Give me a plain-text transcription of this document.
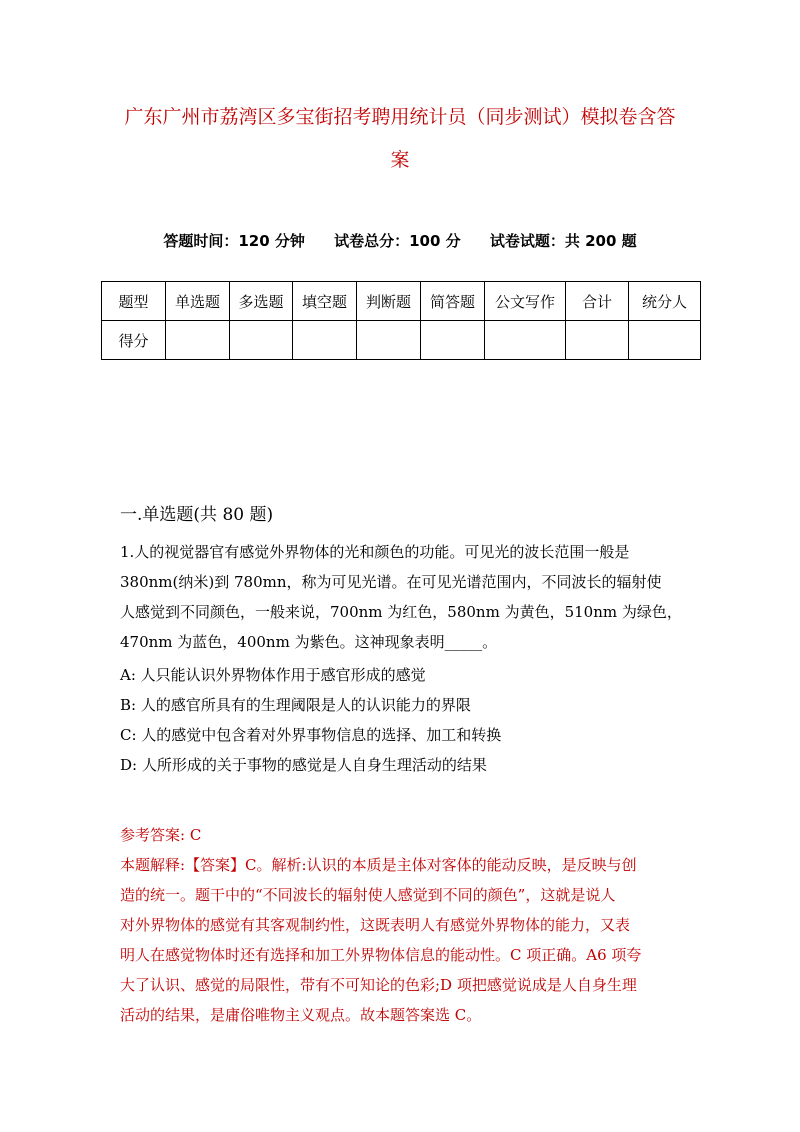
广东广州市荔湾区多宝街招考聘用统计员（同步测试）模拟卷含答
案
答题时间：120 分钟 试卷总分：100 分 试卷试题：共 200 题
题型	单选题	多选题	填空题	判断题	简答题	公文写作	合计	统分人
得分								
一.单选题(共 80 题)
1.人的视觉器官有感觉外界物体的光和颜色的功能。可见光的波长范围一般是
380nm(纳米)到 780mn，称为可见光谱。在可见光谱范围内，不同波长的辐射使
人感觉到不同颜色，一般来说，700nm 为红色，580nm 为黄色，510nm 为绿色，
470nm 为蓝色，400nm 为紫色。这神现象表明_____。
A: 人只能认识外界物体作用于感官形成的感觉
B: 人的感官所具有的生理阈限是人的认识能力的界限
C: 人的感觉中包含着对外界事物信息的选择、加工和转换
D: 人所形成的关于事物的感觉是人自身生理活动的结果
参考答案: C
本题解释:【答案】C。解析:认识的本质是主体对客体的能动反映，是反映与创
造的统一。题干中的“不同波长的辐射使人感觉到不同的颜色”，这就是说人
对外界物体的感觉有其客观制约性，这既表明人有感觉外界物体的能力，又表
明人在感觉物体时还有选择和加工外界物体信息的能动性。C 项正确。A6 项夸
大了认识、感觉的局限性，带有不可知论的色彩;D 项把感觉说成是人自身生理
活动的结果，是庸俗唯物主义观点。故本题答案选 C。
